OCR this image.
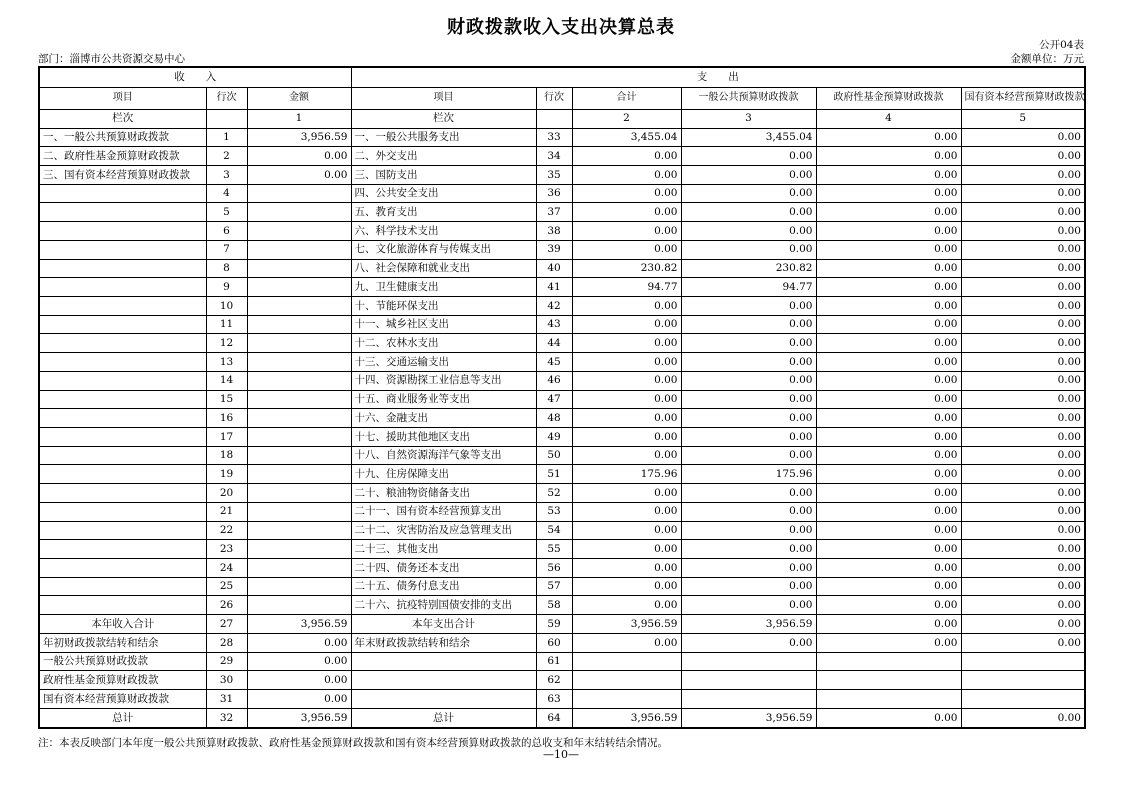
财政拨款收入支出决算总表
公开04表
部门：淄博市公共资源交易中心	金额单位：万元
收　　入			支　　出					
项目	行次	金额	项目	行次	合计	一般公共预算财政拨款	政府性基金预算财政拨款	国有资本经营预算财政拨款
栏次		1	栏次		2	3	4	5
一、一般公共预算财政拨款	1	3,956.59	一、一般公共服务支出	33	3,455.04	3,455.04	0.00	0.00
二、政府性基金预算财政拨款	2	0.00	二、外交支出	34	0.00	0.00	0.00	0.00
三、国有资本经营预算财政拨款	3	0.00	三、国防支出	35	0.00	0.00	0.00	0.00
	4		四、公共安全支出	36	0.00	0.00	0.00	0.00
	5		五、教育支出	37	0.00	0.00	0.00	0.00
	6		六、科学技术支出	38	0.00	0.00	0.00	0.00
	7		七、文化旅游体育与传媒支出	39	0.00	0.00	0.00	0.00
	8		八、社会保障和就业支出	40	230.82	230.82	0.00	0.00
	9		九、卫生健康支出	41	94.77	94.77	0.00	0.00
	10		十、节能环保支出	42	0.00	0.00	0.00	0.00
	11		十一、城乡社区支出	43	0.00	0.00	0.00	0.00
	12		十二、农林水支出	44	0.00	0.00	0.00	0.00
	13		十三、交通运输支出	45	0.00	0.00	0.00	0.00
	14		十四、资源勘探工业信息等支出	46	0.00	0.00	0.00	0.00
	15		十五、商业服务业等支出	47	0.00	0.00	0.00	0.00
	16		十六、金融支出	48	0.00	0.00	0.00	0.00
	17		十七、援助其他地区支出	49	0.00	0.00	0.00	0.00
	18		十八、自然资源海洋气象等支出	50	0.00	0.00	0.00	0.00
	19		十九、住房保障支出	51	175.96	175.96	0.00	0.00
	20		二十、粮油物资储备支出	52	0.00	0.00	0.00	0.00
	21		二十一、国有资本经营预算支出	53	0.00	0.00	0.00	0.00
	22		二十二、灾害防治及应急管理支出	54	0.00	0.00	0.00	0.00
	23		二十三、其他支出	55	0.00	0.00	0.00	0.00
	24		二十四、债务还本支出	56	0.00	0.00	0.00	0.00
	25		二十五、债务付息支出	57	0.00	0.00	0.00	0.00
	26		二十六、抗疫特别国债安排的支出	58	0.00	0.00	0.00	0.00
本年收入合计	27	3,956.59	本年支出合计	59	3,956.59	3,956.59	0.00	0.00
年初财政拨款结转和结余	28	0.00	年末财政拨款结转和结余	60	0.00	0.00	0.00	0.00
一般公共预算财政拨款	29	0.00		61				
政府性基金预算财政拨款	30	0.00		62				
国有资本经营预算财政拨款	31	0.00		63				
总计	32	3,956.59	总计	64	3,956.59	3,956.59	0.00	0.00
注：本表反映部门本年度一般公共预算财政拨款、政府性基金预算财政拨款和国有资本经营预算财政拨款的总收支和年末结转结余情况。
—10—
